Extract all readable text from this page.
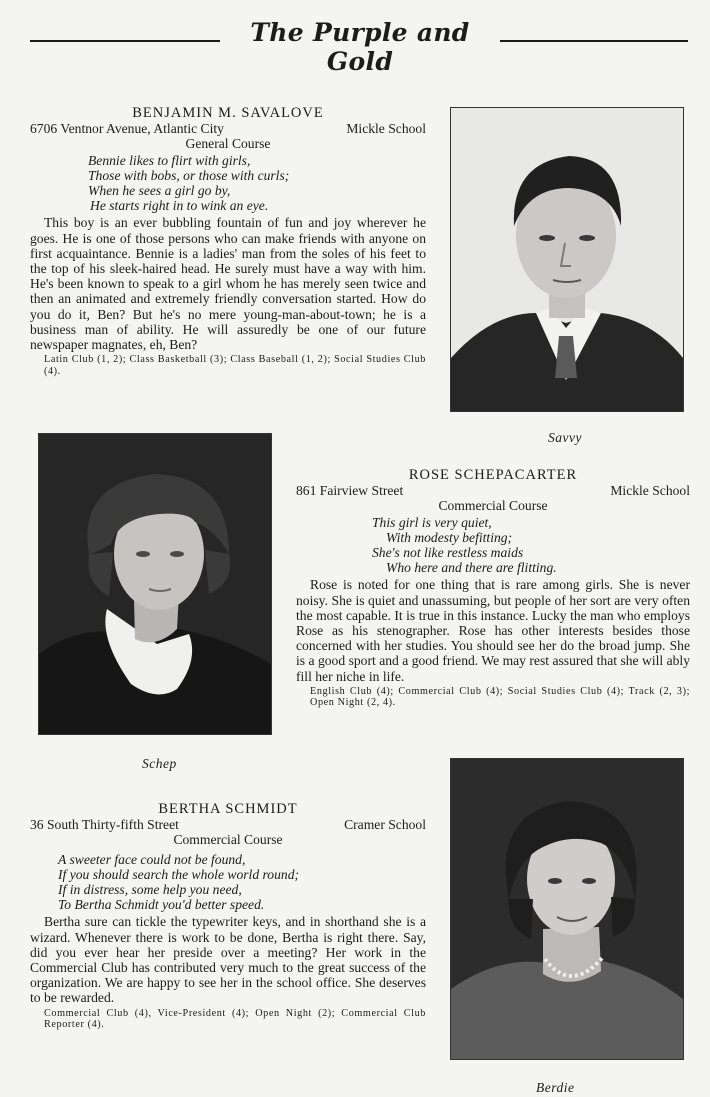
The Purple and Gold
BENJAMIN M. SAVALOVE
6706 Ventnor Avenue, Atlantic City	Mickle School
General Course
Bennie likes to flirt with girls,
Those with bobs, or those with curls;
When he sees a girl go by,
He starts right in to wink an eye.

This boy is an ever bubbling fountain of fun and joy wherever he goes. He is one of those persons who can make friends with anyone on first acquaintance. Bennie is a ladies' man from the soles of his feet to the top of his sleek-haired head. He surely must have a way with him. He's been known to speak to a girl whom he has merely seen twice and then an animated and extremely friendly conversation started. How do you do it, Ben? But he's no mere young-man-about-town; he is a business man of ability. He will assuredly be one of our future newspaper magnates, eh, Ben?

Latin Club (1, 2); Class Basketball (3); Class Baseball (1, 2); Social Studies Club (4).
Savvy
Schep
ROSE SCHEPACARTER
861 Fairview Street	Mickle School
Commercial Course
This girl is very quiet,
With modesty befitting;
She's not like restless maids
Who here and there are flitting.

Rose is noted for one thing that is rare among girls. She is never noisy. She is quiet and unassuming, but people of her sort are very often the most capable. It is true in this instance. Lucky the man who employs Rose as his stenographer. Rose has other interests besides those concerned with her studies. You should see her do the broad jump. She is a good sport and a good friend. We may rest assured that she will ably fill her niche in life.

English Club (4); Commercial Club (4); Social Studies Club (4); Track (2, 3); Open Night (2, 4).
BERTHA SCHMIDT
36 South Thirty-fifth Street	Cramer School
Commercial Course
A sweeter face could not be found,
If you should search the whole world round;
If in distress, some help you need,
To Bertha Schmidt you'd better speed.

Bertha sure can tickle the typewriter keys, and in shorthand she is a wizard. Whenever there is work to be done, Bertha is right there. Say, did you ever hear her preside over a meeting? Her work in the Commercial Club has contributed very much to the great success of the organization. We are happy to see her in the school office. She deserves to be rewarded.

Commercial Club (4), Vice-President (4); Open Night (2); Commercial Club Reporter (4).
Berdie
